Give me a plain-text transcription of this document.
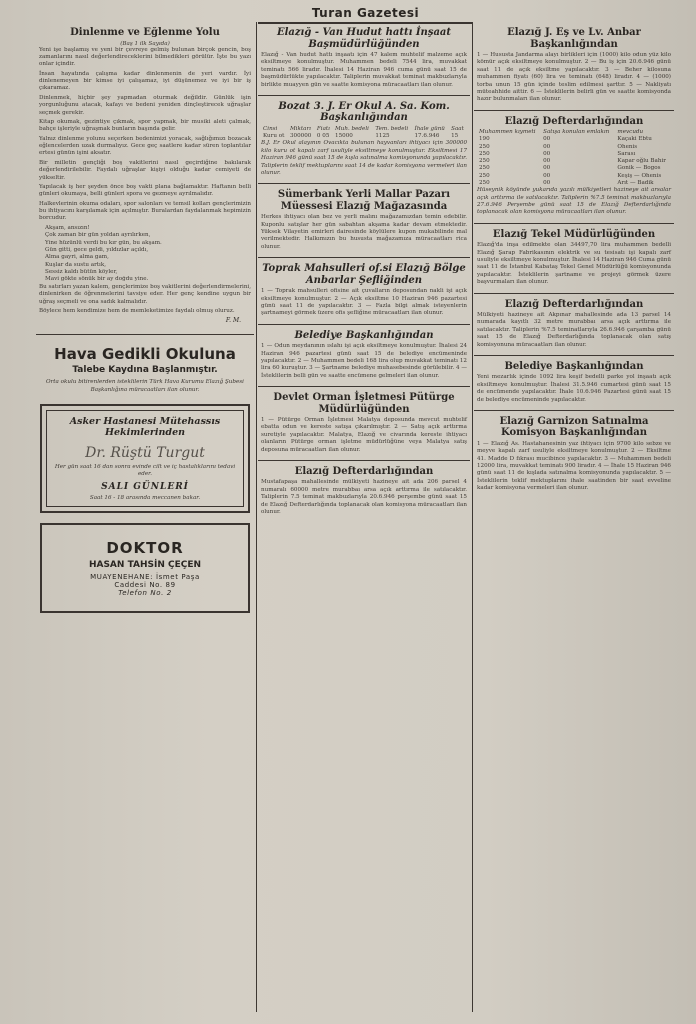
Turan Gazetesi
Dinlenme ve Eğlenme Yolu
(Baş 1 ilk Sayıda)

Yeni işe başlamış ve yeni bir çevreye gelmiş bulunan birçok gencin, boş zamanlarını nasıl değerlendireceklerini bilmedikleri görülür. İşte bu yazı onlar içindir.

İnsan hayatında çalışma kadar dinlenmenin de yeri vardır. İyi dinlenemeyen bir kimse iyi çalışamaz, iyi düşünemez ve iyi bir iş çıkaramaz.

Dinlenmek, hiçbir şey yapmadan oturmak değildir. Günlük işin yorgunluğunu atacak, kafayı ve bedeni yeniden dinçleştirecek uğraşlar seçmek gerekir.

Kitap okumak, gezintiye çıkmak, spor yapmak, bir musiki aleti çalmak, bahçe işleriyle uğraşmak bunların başında gelir.

Yalnız dinlenme yolunu seçerken bedenimizi yoracak, sağlığımızı bozacak eğlencelerden uzak durmalıyız. Gece geç saatlere kadar süren toplantılar ertesi günün işini aksatır.

Bir milletin gençliği boş vakitlerini nasıl geçirdiğine bakılarak değerlendirilebilir. Faydalı uğraşlar kişiyi olduğu kadar cemiyeti de yükseltir.

Yapılacak iş her şeyden önce boş vakti plana bağlamaktır. Haftanın belli günleri okumaya, belli günleri spora ve gezmeye ayrılmalıdır.

Halkevlerinin okuma odaları, spor salonları ve temsil kolları gençlerimizin bu ihtiyacını karşılamak için açılmıştır. Buralardan faydalanmak hepimizin borcudur.

Akşam, ansızın!
Çok zaman bir gün yoldan ayrılırken,
Yine hüzünlü verdi bu kır gün, bu akşam.
Gün gitti, gece geldi, yıldızlar açıldı,
Alma gayri, alma gam,
Kuşlar da sustu artık,
Sessiz kaldı bütün köyler,
Mavi gökte sönük bir ay doğdu yine.

Bu satırları yazan kalem, gençlerimize boş vakitlerini değerlendirmelerini, dinlenirken de öğrenmelerini tavsiye eder. Her genç kendine uygun bir uğraş seçmeli ve ona sadık kalmalıdır.

Böylece hem kendimize hem de memleketimize faydalı olmuş oluruz.

F. M.
Hava Gedikli Okuluna
Talebe Kaydına Başlanmıştır.

Orta okulu bitirenlerden isteklilerin Türk Hava Kurumu Elazığ Şubesi Başkanlığına müracaatları ilan olunur.

Asker Hastanesi Mütehassıs Hekimlerinden
Dr. Rüştü Turgut

Her gün saat 16 dan sonra evinde cilt ve iç hastalıklarını tedavi eder.

SALI GÜNLERİ
Saat 16 - 18 arasında meccanen bakar.
DOKTOR
HASAN TAHSİN ÇEÇEN
MUAYENEHANE: İsmet Paşa
Caddesi No. 89
Telefon No. 2
Elazığ - Van Hudut hattı İnşaat Başmüdürlüğünden

Elazığ - Van hudut hattı inşaatı için 47 kalem muhtelif malzeme açık eksiltmeye konulmuştur. Muhammen bedeli 7544 lira, muvakkat teminatı 566 liradır. İhalesi 14 Haziran 946 cuma günü saat 15 de başmüdürlükte yapılacaktır. Taliplerin muvakkat teminat makbuzlarıyla birlikte muayyen gün ve saatte komisyona müracaatları ilan olunur.

Bozat 3. J. Er Okul A. Sa. Kom. Başkanlığından
Cinsi	Miktarı	Fiatı	Muh. bedeli	Tem. bedeli	İhale günü	Saat
Kuru ot	300000	0 05	15000	1125	17.6.946	15

B.J. Er Okul alayının Ovacıkta bulunan hayvanları ihtiyacı için 300000 kilo kuru ot kapalı zarf usuliyle eksiltmeye konulmuştur. Eksiltmesi 17 Haziran 946 günü saat 15 de kışla satınalma komisyonunda yapılacaktır. Taliplerin teklif mektuplarını saat 14 de kadar komisyona vermeleri ilan olunur.

Sümerbank Yerli Mallar Pazarı Müessesi Elazığ Mağazasında

Herkes ihtiyacı olan bez ve yerli malını mağazamızdan temin edebilir. Kuponlu satışlar her gün sabahtan akşama kadar devam etmektedir. Yüksek Vilayetin emirleri dairesinde köylülere kupon mukabilinde mal verilmektedir. Halkımızın bu hususta mağazamıza müracaatları rica olunur.

Toprak Mahsulleri of.si Elazığ Bölge Anbarlar Şefliğinden

1 — Toprak mahsulleri ofisine ait çuvalların deposundan nakli işi açık eksiltmeye konulmuştur. 2 — Açık eksiltme 10 Haziran 946 pazartesi günü saat 11 de yapılacaktır. 3 — Fazla bilgi almak isteyenlerin şartnameyi görmek üzere ofis şefliğine müracaatları ilan olunur.

Belediye Başkanlığından

1 — Odun meydanının ıslahı işi açık eksiltmeye konulmuştur. İhalesi 24 Haziran 946 pazartesi günü saat 15 de belediye encümeninde yapılacaktır. 2 — Muhammen bedeli 168 lira olup muvakkat teminatı 12 lira 60 kuruştur. 3 — Şartname belediye muhasebesinde görülebilir. 4 — İsteklilerin belli gün ve saatte encümene gelmeleri ilan olunur.

Devlet Orman İşletmesi Pütürge Müdürlüğünden

1 — Pütürge Orman İşletmesi Malatya deposunda mevcut muhtelif ebatta odun ve kereste satışa çıkarılmıştır. 2 — Satış açık arttırma suretiyle yapılacaktır. Malatya, Elazığ ve civarında kereste ihtiyacı olanların Pütürge orman işletme müdürlüğüne veya Malatya satış deposuna müracaatları ilan olunur.

Elazığ Defterdarlığından

Mustafapaşa mahallesinde mülkiyeti hazineye ait ada 206 parsel 4 numaralı 60000 metre murabbaı arsa açık arttırma ile satılacaktır. Taliplerin 7.5 teminat makbuzlarıyla 20.6.946 perşembe günü saat 15 de Elazığ Defterdarlığında toplanacak olan komisyona müracaatları ilan olunur.

Elazığ J. Eş ve Lv. Anbar Başkanlığından

1 — Hususta Jandarma alayı birlikleri için (1000) kilo odun yüz kilo kömür açık eksiltmeye konulmuştur. 2 — Bu iş için 20.6.946 günü saat 11 de açık eksiltme yapılacaktır. 3 — Beher kilosuna muhammen fiyatı (60) lira ve teminatı (648) liradır. 4 — (1000) torba unun 15 gün içinde teslim edilmesi şarttır. 5 — Nakliyatı müteahhide aittir. 6 — İsteklilerin belirli gün ve saatte komisyonda hazır bulunmaları ilan olunur.

Elazığ Defterdarlığından
Muhammen kıymeti	Satışa konulan emlakın	mevcudu
190	00	Kaçaki Ebtu
250	00	Ohenis
250	00	Sarası
250	00	Kapar oğlu Bahir
250	00	Gonik — Bogos
250	00	Keşiş — Ohenis
250	00	Arıt — Badik

Hüseynik köyünde yukarıda yazılı mülkiyetleri hazineye ait arsalar açık arttırma ile satılacaktır. Taliplerin %7.5 teminat makbuzlarıyla 27.6.946 Perşembe günü saat 15 de Elazığ Defterdarlığında toplanacak olan komisyona müracaatları ilan olunur.

Elazığ Tekel Müdürlüğünden

Elazığ'da inşa edilmekte olan 34497,70 lira muhammen bedelli Elazığ Şarap Fabrikasının elektrik ve su tesisatı işi kapalı zarf usuliyle eksiltmeye konulmuştur. İhalesi 14 Haziran 946 Cuma günü saat 11 de İstanbul Kabataş Tekel Genel Müdürlüğü komisyonunda yapılacaktır. İsteklilerin şartname ve projeyi görmek üzere başvurmaları ilan olunur.

Elazığ Defterdarlığından

Mülkiyeti hazineye ait Akpınar mahallesinde ada 13 parsel 14 numarada kayıtlı 32 metre murabbaı arsa açık arttırma ile satılacaktır. Taliplerin %7.5 teminatlarıyla 26.6.946 çarşamba günü saat 15 de Elazığ Defterdarlığında toplanacak olan satış komisyonuna müracaatları ilan olunur.

Belediye Başkanlığından

Yeni mezarlık içinde 1092 lira keşif bedelli parke yol inşaatı açık eksiltmeye konulmuştur. İhalesi 31.5.946 cumartesi günü saat 15 de encümende yapılacaktır. İhale 10.6.946 Pazartesi günü saat 15 de belediye encümeninde yapılacaktır.

Elazığ Garnizon Satınalma Komisyon Başkanlığından

1 — Elazığ As. Hastahanesinin yaz ihtiyacı için 9700 kilo sebze ve meyve kapalı zarf usuliyle eksiltmeye konulmuştur. 2 — Eksiltme 41. Madde D fıkrası mucibince yapılacaktır. 3 — Muhammen bedeli 12000 lira, muvakkat teminatı 900 liradır. 4 — İhale 15 Haziran 946 günü saat 11 de kışlada satınalma komisyonunda yapılacaktır. 5 — İsteklilerin teklif mektuplarını ihale saatinden bir saat evveline kadar komisyona vermeleri ilan olunur.
